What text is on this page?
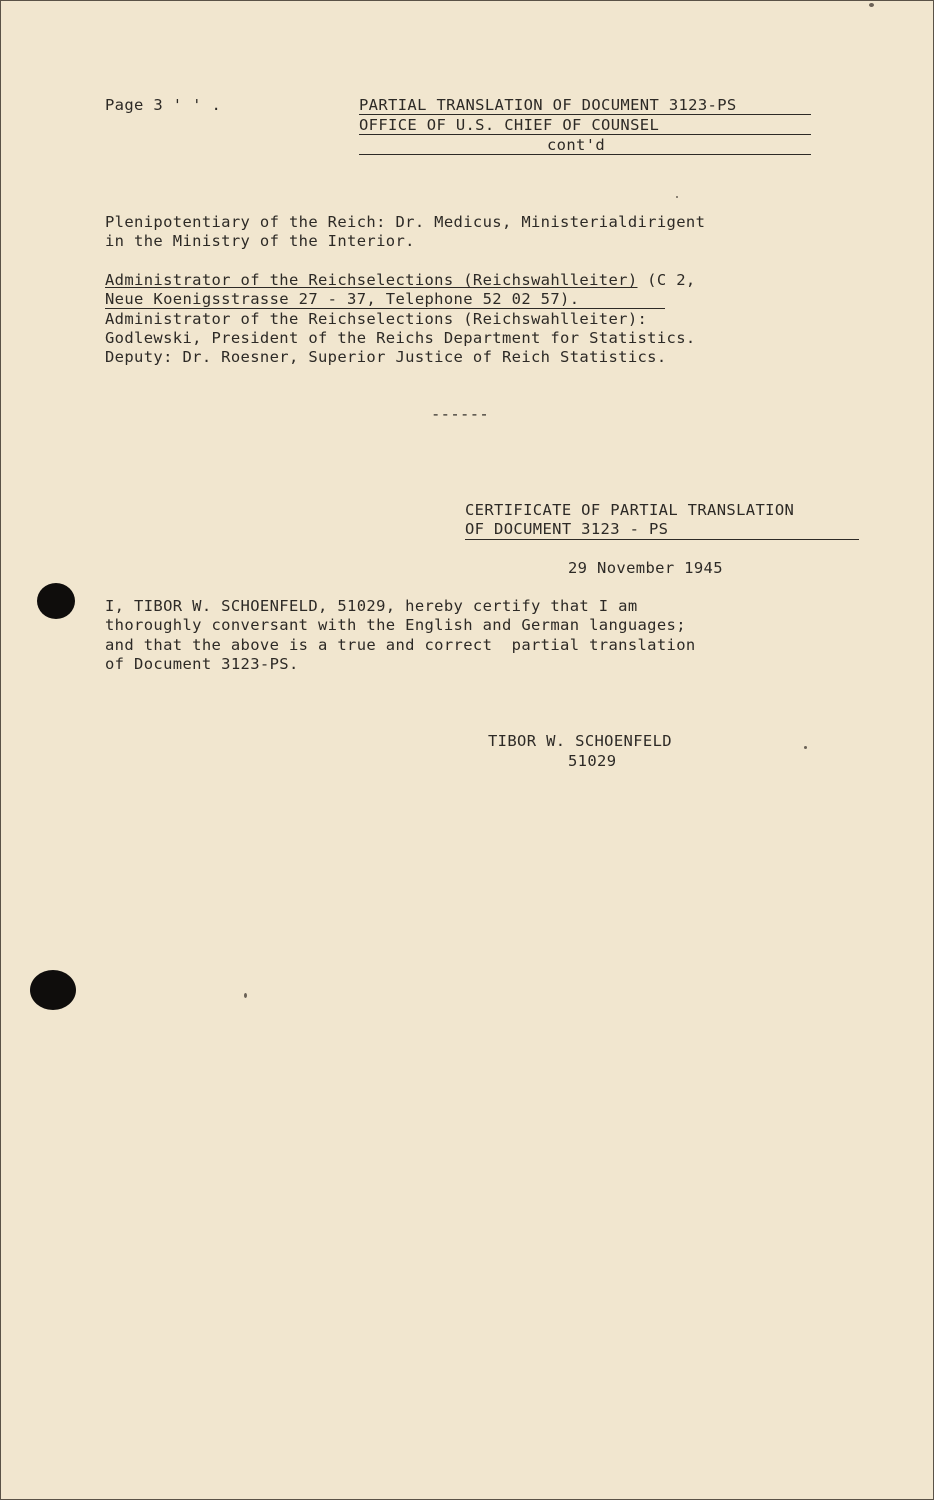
Page 3 ' ' .	PARTIAL TRANSLATION OF DOCUMENT 3123-PS
OFFICE OF U.S. CHIEF OF COUNSEL
cont'd
Plenipotentiary of the Reich: Dr. Medicus, Ministerialdirigent
in the Ministry of the Interior.
Administrator of the Reichselections (Reichswahlleiter) (C 2,
Neue Koenigsstrasse 27 - 37, Telephone 52 02 57).
Administrator of the Reichselections (Reichswahlleiter):
Godlewski, President of the Reichs Department for Statistics.
Deputy: Dr. Roesner, Superior Justice of Reich Statistics.
------
CERTIFICATE OF PARTIAL TRANSLATION
OF DOCUMENT 3123 - PS
29 November 1945
I, TIBOR W. SCHOENFELD, 51029, hereby certify that I am
thoroughly conversant with the English and German languages;
and that the above is a true and correct  partial translation
of Document 3123-PS.
TIBOR W. SCHOENFELD
51029
